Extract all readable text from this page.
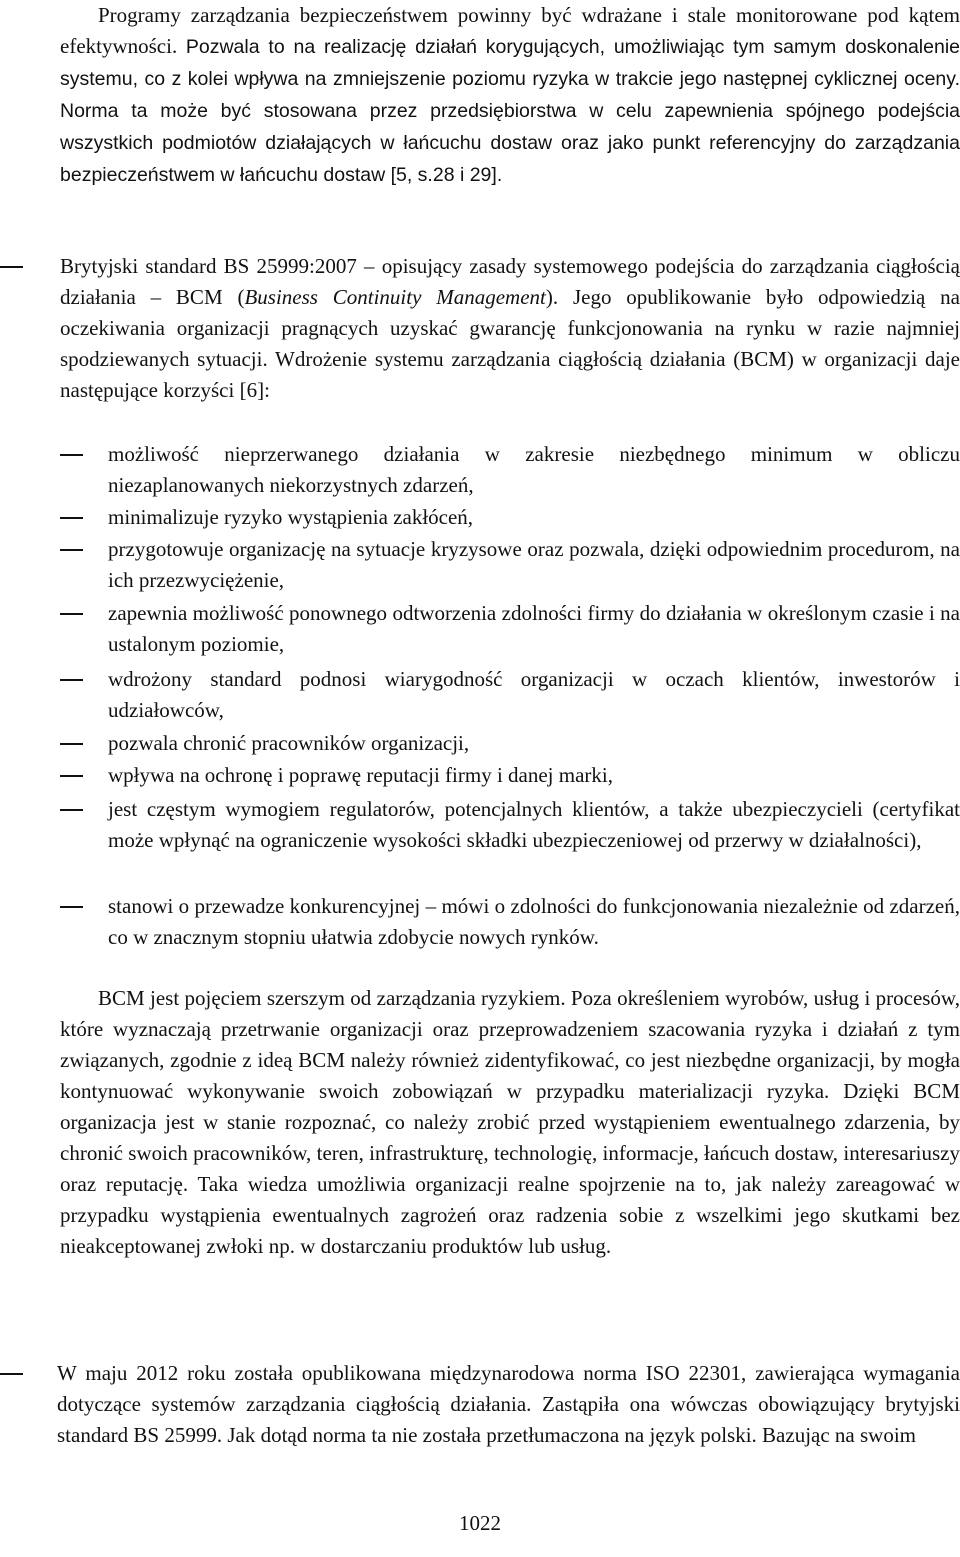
Programy zarządzania bezpieczeństwem powinny być wdrażane i stale monitorowane pod kątem efektywności. Pozwala to na realizację działań korygujących, umożliwiając tym samym doskonalenie systemu, co z kolei wpływa na zmniejszenie poziomu ryzyka w trakcie jego następnej cyklicznej oceny. Norma ta może być stosowana przez przedsiębiorstwa w celu zapewnienia spójnego podejścia wszystkich podmiotów działających w łańcuchu dostaw oraz jako punkt referencyjny do zarządzania bezpieczeństwem w łańcuchu dostaw [5, s.28 i 29].
Brytyjski standard BS 25999:2007 – opisujący zasady systemowego podejścia do zarządzania ciągłością działania – BCM (Business Continuity Management). Jego opublikowanie było odpowiedzią na oczekiwania organizacji pragnących uzyskać gwarancję funkcjonowania na rynku w razie najmniej spodziewanych sytuacji. Wdrożenie systemu zarządzania ciągłością działania (BCM) w organizacji daje następujące korzyści [6]:
możliwość nieprzerwanego działania w zakresie niezbędnego minimum w obliczu niezaplanowanych niekorzystnych zdarzeń,
minimalizuje ryzyko wystąpienia zakłóceń,
przygotowuje organizację na sytuacje kryzysowe oraz pozwala, dzięki odpowiednim procedurom, na ich przezwyciężenie,
zapewnia możliwość ponownego odtworzenia zdolności firmy do działania w określonym czasie i na ustalonym poziomie,
wdrożony standard podnosi wiarygodność organizacji w oczach klientów, inwestorów i udziałowców,
pozwala chronić pracowników organizacji,
wpływa na ochronę i poprawę reputacji firmy i danej marki,
jest częstym wymogiem regulatorów, potencjalnych klientów, a także ubezpieczycieli (certyfikat może wpłynąć na ograniczenie wysokości składki ubezpieczeniowej od przerwy w działalności),
stanowi o przewadze konkurencyjnej – mówi o zdolności do funkcjonowania niezależnie od zdarzeń, co w znacznym stopniu ułatwia zdobycie nowych rynków.
BCM jest pojęciem szerszym od zarządzania ryzykiem. Poza określeniem wyrobów, usług i procesów, które wyznaczają przetrwanie organizacji oraz przeprowadzeniem szacowania ryzyka i działań z tym związanych, zgodnie z ideą BCM należy również zidentyfikować, co jest niezbędne organizacji, by mogła kontynuować wykonywanie swoich zobowiązań w przypadku materializacji ryzyka. Dzięki BCM organizacja jest w stanie rozpoznać, co należy zrobić przed wystąpieniem ewentualnego zdarzenia, by chronić swoich pracowników, teren, infrastrukturę, technologię, informacje, łańcuch dostaw, interesariuszy oraz reputację. Taka wiedza umożliwia organizacji realne spojrzenie na to, jak należy zareagować w przypadku wystąpienia ewentualnych zagrożeń oraz radzenia sobie z wszelkimi jego skutkami bez nieakceptowanej zwłoki np. w dostarczaniu produktów lub usług.
W maju 2012 roku została opublikowana międzynarodowa norma ISO 22301, zawierająca wymagania dotyczące systemów zarządzania ciągłością działania. Zastąpiła ona wówczas obowiązujący brytyjski standard BS 25999. Jak dotąd norma ta nie została przetłumaczona na język polski. Bazując na swoim
1022
